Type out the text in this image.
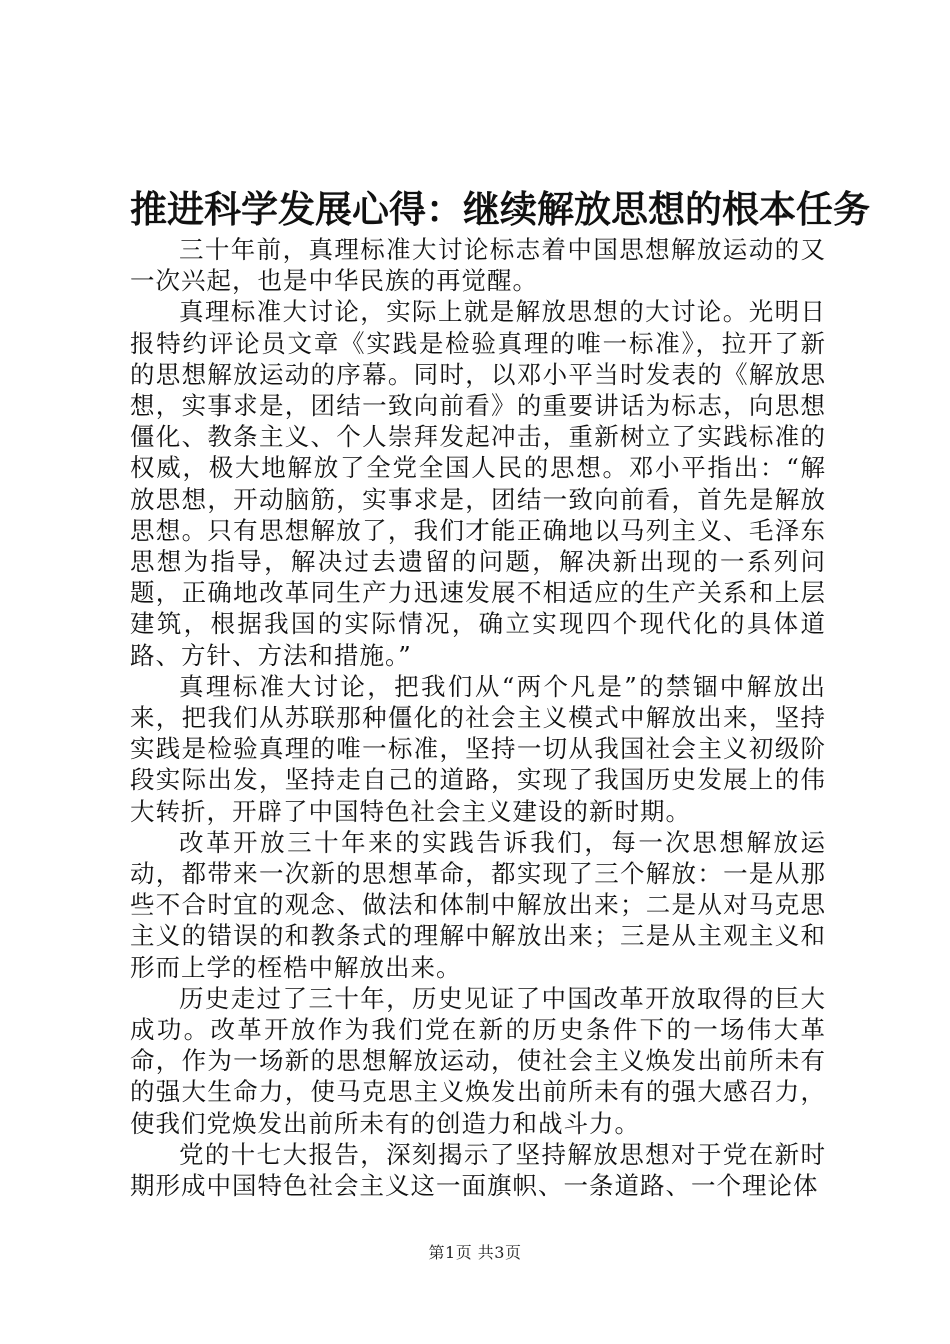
推进科学发展心得：继续解放思想的根本任务

三十年前，真理标准大讨论标志着中国思想解放运动的又一次兴起，也是中华民族的再觉醒。

真理标准大讨论，实际上就是解放思想的大讨论。光明日报特约评论员文章《实践是检验真理的唯一标准》，拉开了新的思想解放运动的序幕。同时，以邓小平当时发表的《解放思想，实事求是，团结一致向前看》的重要讲话为标志，向思想僵化、教条主义、个人崇拜发起冲击，重新树立了实践标准的权威，极大地解放了全党全国人民的思想。邓小平指出：“解放思想，开动脑筋，实事求是，团结一致向前看，首先是解放思想。只有思想解放了，我们才能正确地以马列主义、毛泽东思想为指导，解决过去遗留的问题，解决新出现的一系列问题，正确地改革同生产力迅速发展不相适应的生产关系和上层建筑，根据我国的实际情况，确立实现四个现代化的具体道路、方针、方法和措施。”

真理标准大讨论，把我们从“两个凡是”的禁锢中解放出来，把我们从苏联那种僵化的社会主义模式中解放出来，坚持实践是检验真理的唯一标准，坚持一切从我国社会主义初级阶段实际出发，坚持走自己的道路，实现了我国历史发展上的伟大转折，开辟了中国特色社会主义建设的新时期。

改革开放三十年来的实践告诉我们，每一次思想解放运动，都带来一次新的思想革命，都实现了三个解放：一是从那些不合时宜的观念、做法和体制中解放出来；二是从对马克思主义的错误的和教条式的理解中解放出来；三是从主观主义和形而上学的桎梏中解放出来。

历史走过了三十年，历史见证了中国改革开放取得的巨大成功。改革开放作为我们党在新的历史条件下的一场伟大革命，作为一场新的思想解放运动，使社会主义焕发出前所未有的强大生命力，使马克思主义焕发出前所未有的强大感召力，使我们党焕发出前所未有的创造力和战斗力。

党的十七大报告，深刻揭示了坚持解放思想对于党在新时期形成中国特色社会主义这一面旗帜、一条道路、一个理论体

第1页 共3页
